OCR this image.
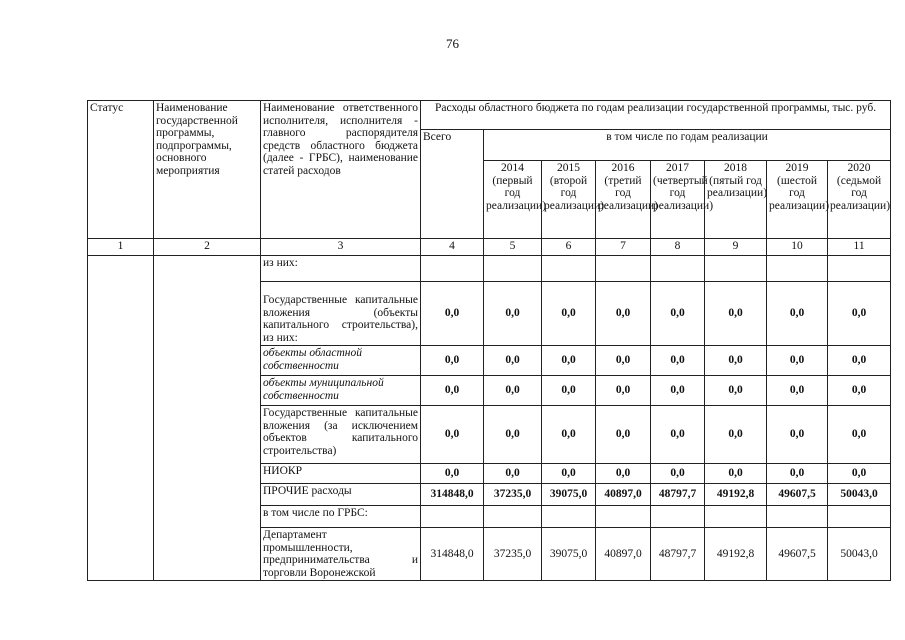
76
Статус	Наименование государственной программы, подпрограммы, основного мероприятия	Наименование ответственного исполнителя, исполнителя - главного распорядителя средств областного бюджета (далее - ГРБС), наименование статей расходов	Расходы областного бюджета по годам реализации государственной программы, тыс. руб.							
			Всего	в том числе по годам реализации						
				2014 (первый год реализации)	2015 (второй год реализации)	2016 (третий год реализации)	2017 (четвертый год реализации)	2018 (пятый год реализации)	2019 (шестой год реализации)	2020 (седьмой год реализации)
1	2	3	4	5	6	7	8	9	10	11
		из них:								
		Государственные капитальные вложения (объекты капитального строительства), из них:	0,0	0,0	0,0	0,0	0,0	0,0	0,0	0,0
		объекты областной собственности	0,0	0,0	0,0	0,0	0,0	0,0	0,0	0,0
		объекты муниципальной собственности	0,0	0,0	0,0	0,0	0,0	0,0	0,0	0,0
		Государственные капитальные вложения (за исключением объектов капитального строительства)	0,0	0,0	0,0	0,0	0,0	0,0	0,0	0,0
		НИОКР	0,0	0,0	0,0	0,0	0,0	0,0	0,0	0,0
		ПРОЧИЕ расходы	314848,0	37235,0	39075,0	40897,0	48797,7	49192,8	49607,5	50043,0
		в том числе по ГРБС:								
		Департамент промышленности, предпринимательства и торговли Воронежской	314848,0	37235,0	39075,0	40897,0	48797,7	49192,8	49607,5	50043,0
